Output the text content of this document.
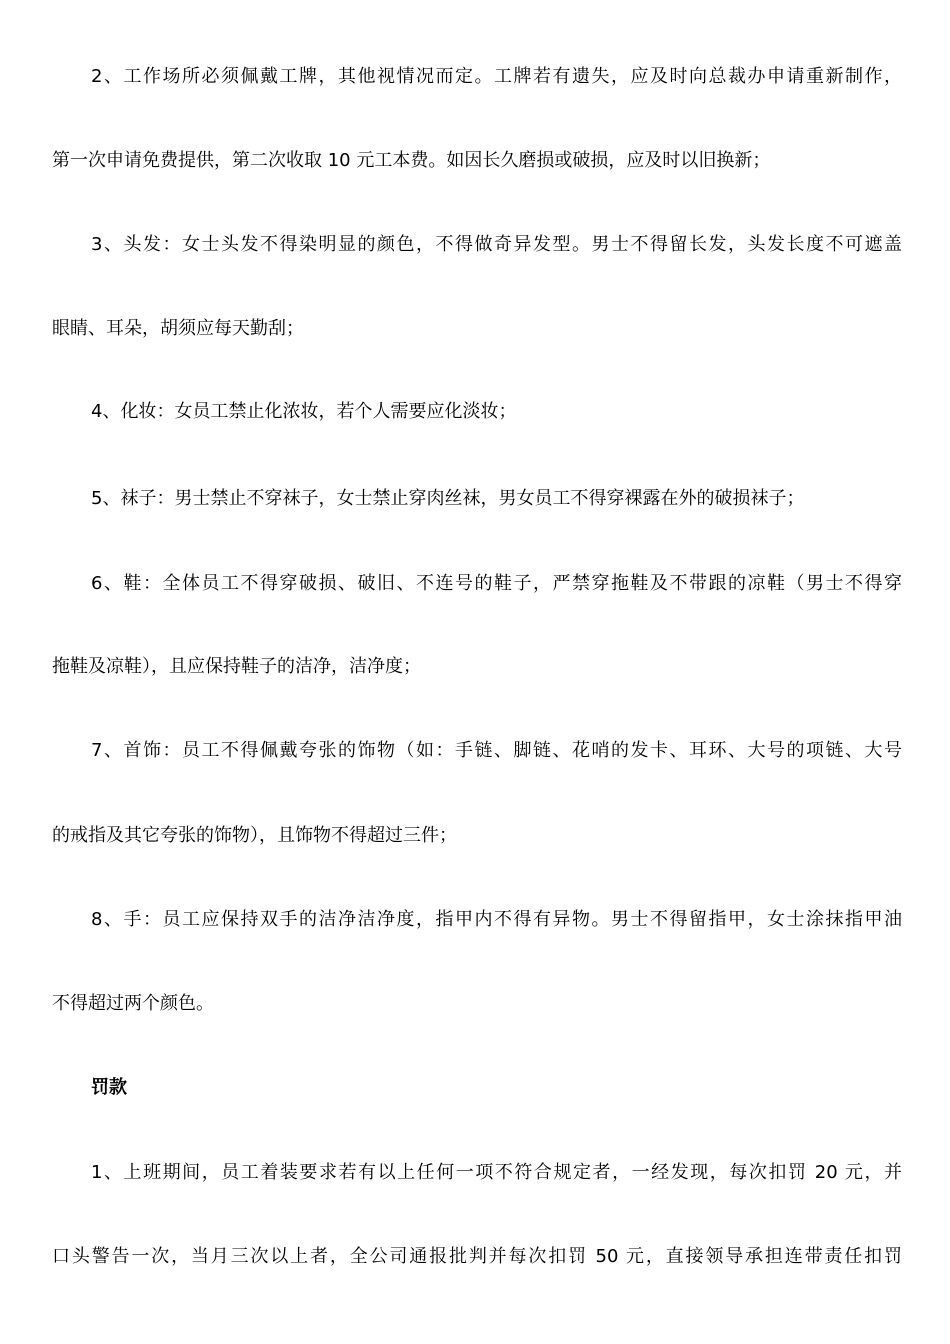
2、工作场所必须佩戴工牌，其他视情况而定。工牌若有遗失，应及时向总裁办申请重新制作，
第一次申请免费提供，第二次收取 10 元工本费。如因长久磨损或破损，应及时以旧换新；
3、头发：女士头发不得染明显的颜色，不得做奇异发型。男士不得留长发，头发长度不可遮盖
眼睛、耳朵，胡须应每天勤刮；
4、化妆：女员工禁止化浓妆，若个人需要应化淡妆；
5、袜子：男士禁止不穿袜子，女士禁止穿肉丝袜，男女员工不得穿裸露在外的破损袜子；
6、鞋：全体员工不得穿破损、破旧、不连号的鞋子，严禁穿拖鞋及不带跟的凉鞋（男士不得穿
拖鞋及凉鞋），且应保持鞋子的洁净，洁净度；
7、首饰：员工不得佩戴夸张的饰物（如：手链、脚链、花哨的发卡、耳环、大号的项链、大号
的戒指及其它夸张的饰物），且饰物不得超过三件；
8、手：员工应保持双手的洁净洁净度，指甲内不得有异物。男士不得留指甲，女士涂抹指甲油
不得超过两个颜色。
罚款
1、上班期间，员工着装要求若有以上任何一项不符合规定者，一经发现，每次扣罚 20 元，并
口头警告一次，当月三次以上者，全公司通报批判并每次扣罚 50 元，直接领导承担连带责任扣罚
